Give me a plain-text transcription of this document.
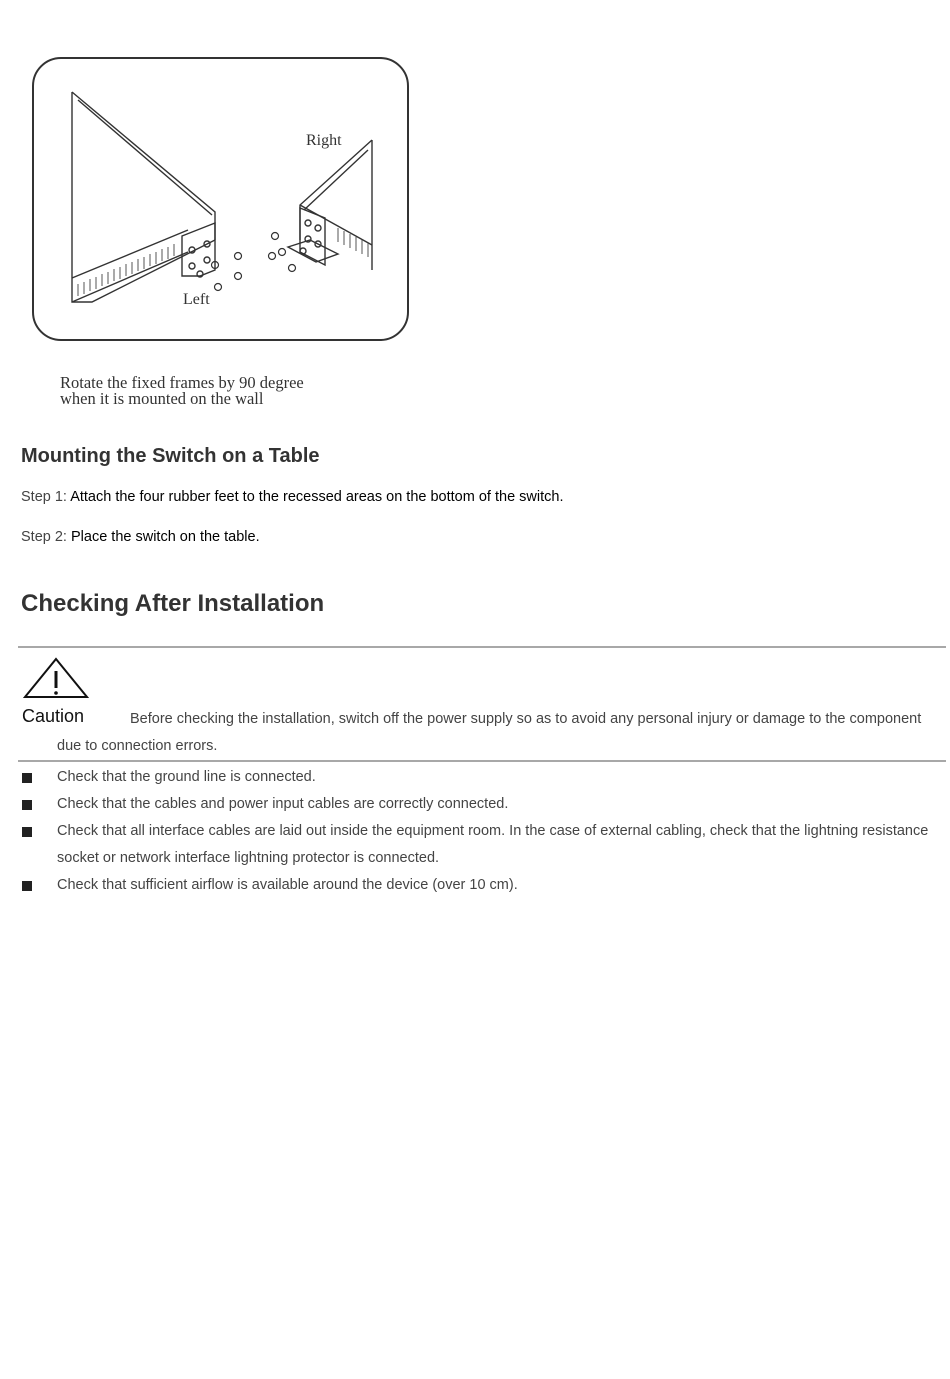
Right
Left
Rotate the fixed frames by 90 degree
when it is mounted on the wall
Mounting the Switch on a Table
Step 1: Attach the four rubber feet to the recessed areas on the bottom of the switch.
Step 2: Place the switch on the table.
Checking After Installation
Caution	Before checking the installation, switch off the power supply so as to avoid any personal injury or damage to the component due to connection errors.
Check that the ground line is connected.
Check that the cables and power input cables are correctly connected.
Check that all interface cables are laid out inside the equipment room. In the case of external cabling, check that the lightning resistance socket or network interface lightning protector is connected.
Check that sufficient airflow is available around the device (over 10 cm).
